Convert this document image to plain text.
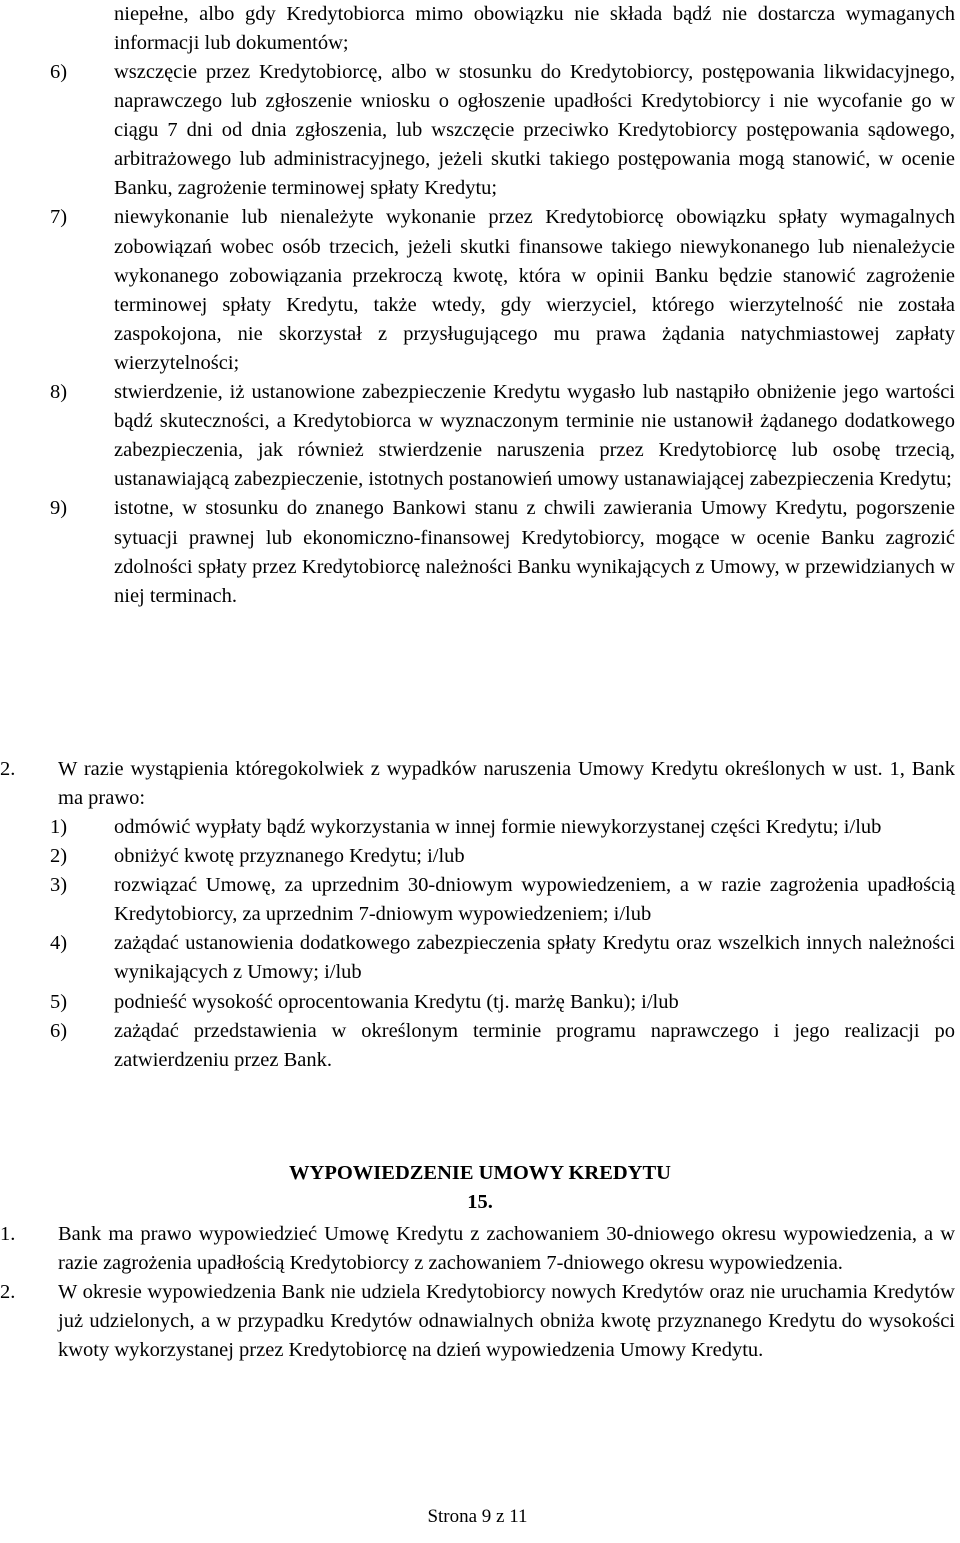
niepełne, albo gdy Kredytobiorca mimo obowiązku nie składa bądź nie dostarcza wymaganych informacji lub dokumentów;
6) wszczęcie przez Kredytobiorcę, albo w stosunku do Kredytobiorcy, postępowania likwidacyjnego, naprawczego lub zgłoszenie wniosku o ogłoszenie upadłości Kredytobiorcy i nie wycofanie go w ciągu 7 dni od dnia zgłoszenia, lub wszczęcie przeciwko Kredytobiorcy postępowania sądowego, arbitrażowego lub administracyjnego, jeżeli skutki takiego postępowania mogą stanowić, w ocenie Banku, zagrożenie terminowej spłaty Kredytu;
7) niewykonanie lub nienależyte wykonanie przez Kredytobiorcę obowiązku spłaty wymagalnych zobowiązań wobec osób trzecich, jeżeli skutki finansowe takiego niewykonanego lub nienależycie wykonanego zobowiązania przekroczą kwotę, która w opinii Banku będzie stanowić zagrożenie terminowej spłaty Kredytu, także wtedy, gdy wierzyciel, którego wierzytelność nie została zaspokojona, nie skorzystał z przysługującego mu prawa żądania natychmiastowej zapłaty wierzytelności;
8) stwierdzenie, iż ustanowione zabezpieczenie Kredytu wygasło lub nastąpiło obniżenie jego wartości bądź skuteczności, a Kredytobiorca w wyznaczonym terminie nie ustanowił żądanego dodatkowego zabezpieczenia, jak również stwierdzenie naruszenia przez Kredytobiorcę lub osobę trzecią, ustanawiającą zabezpieczenie, istotnych postanowień umowy ustanawiającej zabezpieczenia Kredytu;
9) istotne, w stosunku do znanego Bankowi stanu z chwili zawierania Umowy Kredytu, pogorszenie sytuacji prawnej lub ekonomiczno-finansowej Kredytobiorcy, mogące w ocenie Banku zagrozić zdolności spłaty przez Kredytobiorcę należności Banku wynikających z Umowy, w przewidzianych w niej terminach.
2. W razie wystąpienia któregokolwiek z wypadków naruszenia Umowy Kredytu określonych w ust. 1, Bank ma prawo:
1) odmówić wypłaty bądź wykorzystania w innej formie niewykorzystanej części Kredytu; i/lub
2) obniżyć kwotę przyznanego Kredytu; i/lub
3) rozwiązać Umowę, za uprzednim 30-dniowym wypowiedzeniem, a w razie zagrożenia upadłością Kredytobiorcy, za uprzednim 7-dniowym wypowiedzeniem; i/lub
4) zażądać ustanowienia dodatkowego zabezpieczenia spłaty Kredytu oraz wszelkich innych należności wynikających z Umowy; i/lub
5) podnieść wysokość oprocentowania Kredytu (tj. marżę Banku); i/lub
6) zażądać przedstawienia w określonym terminie programu naprawczego i jego realizacji po zatwierdzeniu przez Bank.
WYPOWIEDZENIE UMOWY KREDYTU
15.
1. Bank ma prawo wypowiedzieć Umowę Kredytu z zachowaniem 30-dniowego okresu wypowiedzenia, a w razie zagrożenia upadłością Kredytobiorcy z zachowaniem 7-dniowego okresu wypowiedzenia.
2. W okresie wypowiedzenia Bank nie udziela Kredytobiorcy nowych Kredytów oraz nie uruchamia Kredytów już udzielonych, a w przypadku Kredytów odnawialnych obniża kwotę przyznanego Kredytu do wysokości kwoty wykorzystanej przez Kredytobiorcę na dzień wypowiedzenia Umowy Kredytu.
Strona 9 z 11
